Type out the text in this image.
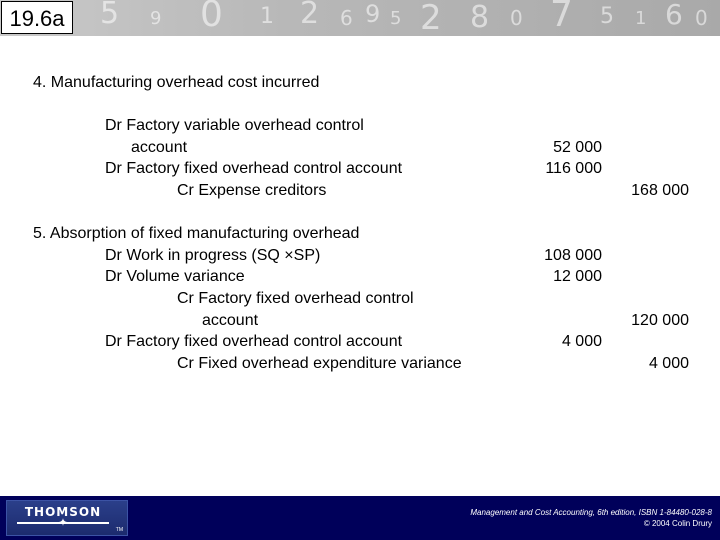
5 9 0 1 2 6 9 5 2 8 0 7 5 1 6 0
19.6a
4. Manufacturing overhead cost incurred
Dr Factory variable overhead control
account	52 000
Dr Factory fixed overhead control account	116 000
Cr Expense creditors	168 000
5. Absorption of fixed manufacturing overhead
Dr Work in progress (SQ ×SP)	108 000
Dr Volume variance	12 000
Cr Factory fixed overhead control
account	120 000
Dr Factory fixed overhead control account	4 000
Cr Fixed overhead expenditure variance	4 000
THOMSON
✦
TM
Management and Cost Accounting, 6th edition, ISBN 1-84480-028-8
© 2004 Colin Drury
